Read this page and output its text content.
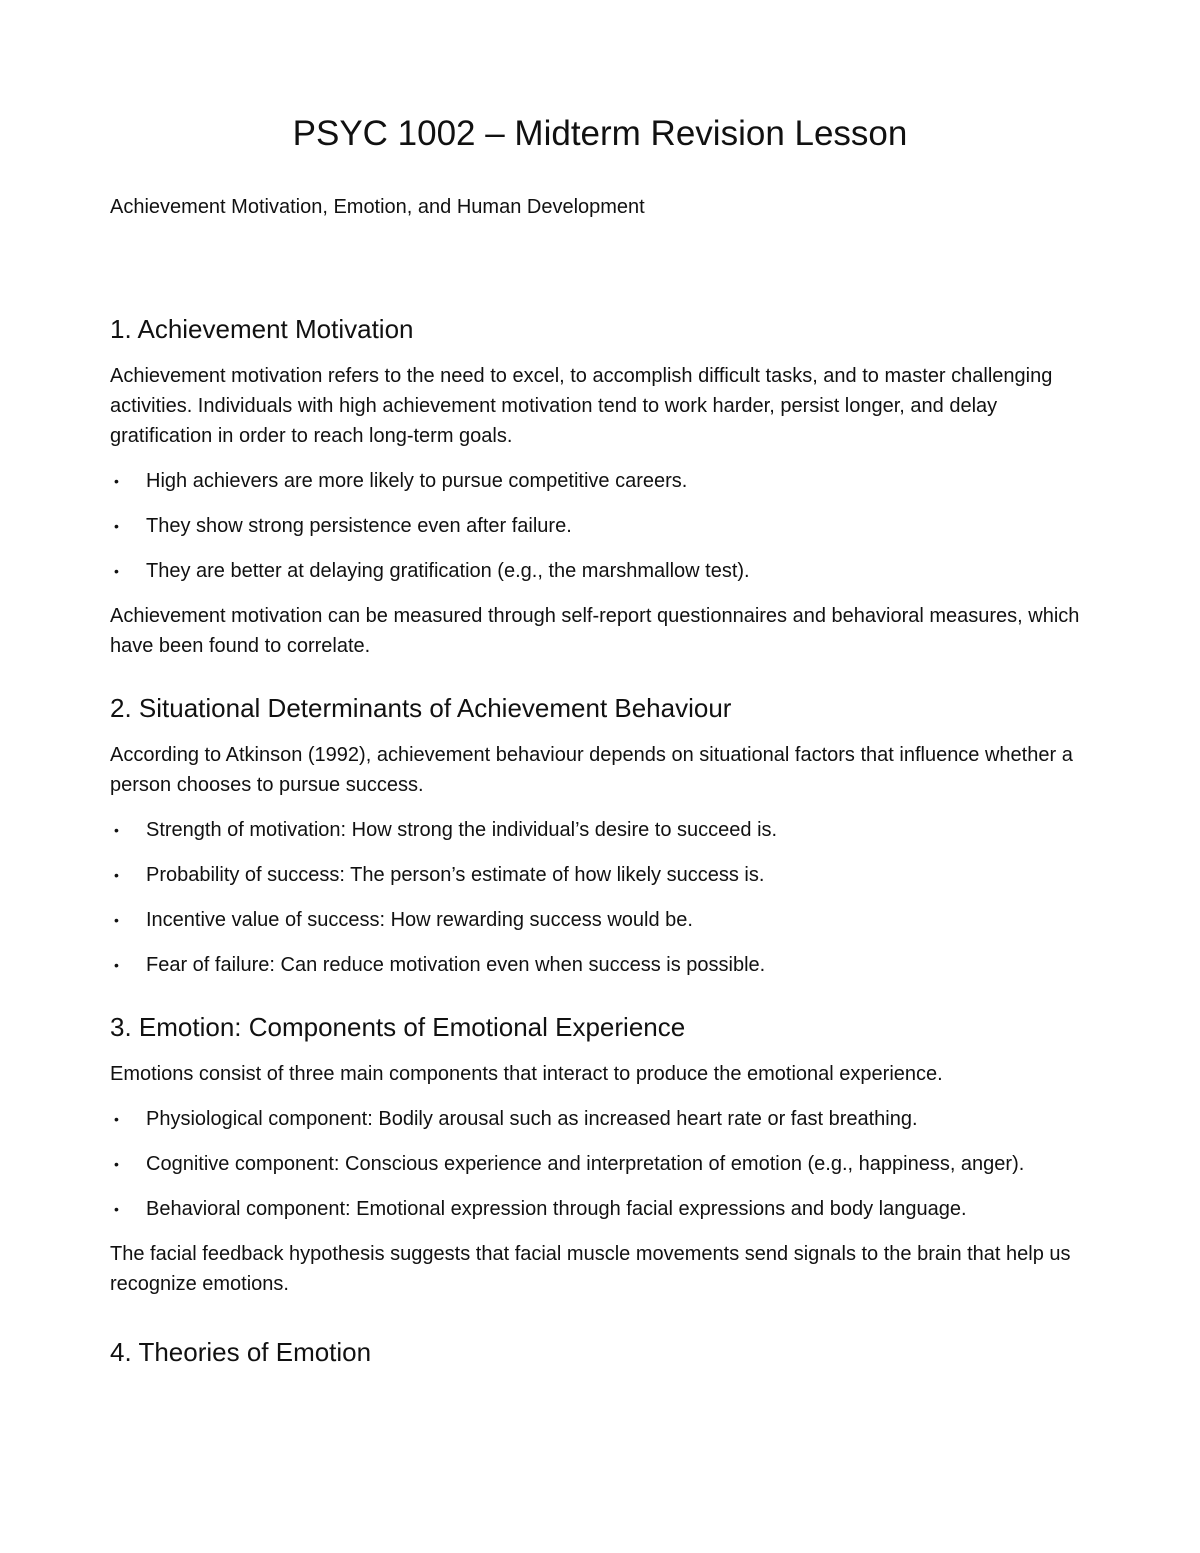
PSYC 1002 – Midterm Revision Lesson

Achievement Motivation, Emotion, and Human Development

1. Achievement Motivation

Achievement motivation refers to the need to excel, to accomplish difficult tasks, and to master challenging activities. Individuals with high achievement motivation tend to work harder, persist longer, and delay gratification in order to reach long-term goals.

• High achievers are more likely to pursue competitive careers.
• They show strong persistence even after failure.
• They are better at delaying gratification (e.g., the marshmallow test).

Achievement motivation can be measured through self-report questionnaires and behavioral measures, which have been found to correlate.

2. Situational Determinants of Achievement Behaviour

According to Atkinson (1992), achievement behaviour depends on situational factors that influence whether a person chooses to pursue success.

• Strength of motivation: How strong the individual’s desire to succeed is.
• Probability of success: The person’s estimate of how likely success is.
• Incentive value of success: How rewarding success would be.
• Fear of failure: Can reduce motivation even when success is possible.
3. Emotion: Components of Emotional Experience

Emotions consist of three main components that interact to produce the emotional experience.

• Physiological component: Bodily arousal such as increased heart rate or fast breathing.
• Cognitive component: Conscious experience and interpretation of emotion (e.g., happiness, anger).
• Behavioral component: Emotional expression through facial expressions and body language.

The facial feedback hypothesis suggests that facial muscle movements send signals to the brain that help us recognize emotions.

4. Theories of Emotion
